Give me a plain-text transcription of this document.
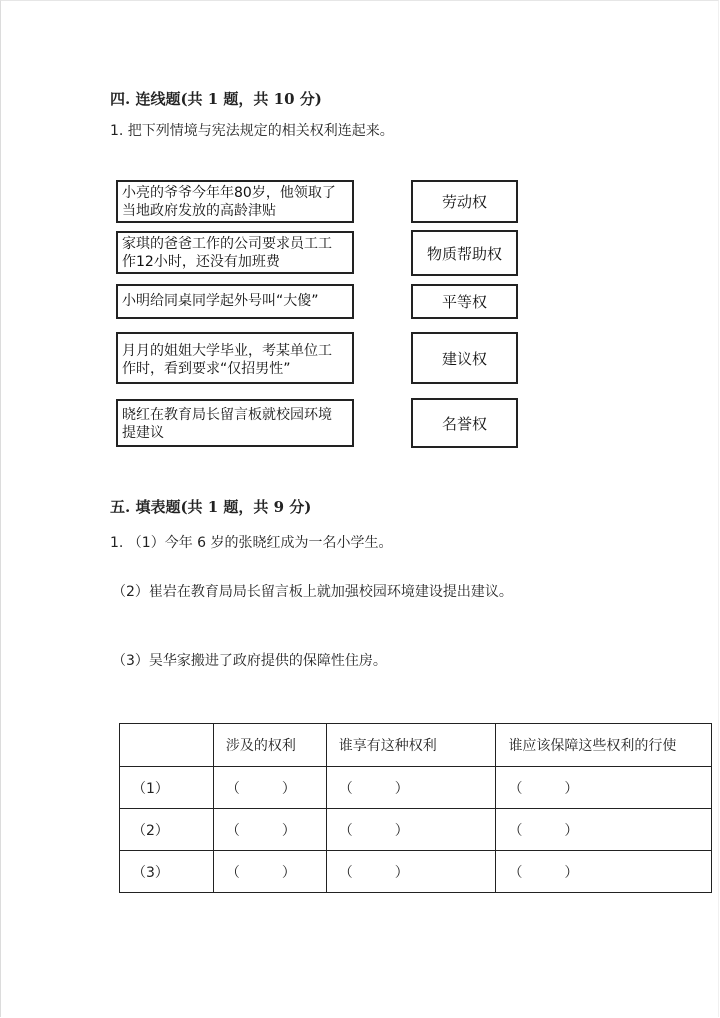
四. 连线题(共 1 题，共 10 分)
1. 把下列情境与宪法规定的相关权利连起来。
小亮的爷爷今年年80岁，他领取了
当地政府发放的高龄津贴
家琪的爸爸工作的公司要求员工工
作12小时，还没有加班费
小明给同桌同学起外号叫“大傻”
月月的姐姐大学毕业，考某单位工
作时，看到要求“仅招男性”
晓红在教育局长留言板就校园环境
提建议
劳动权
物质帮助权
平等权
建议权
名誉权
五. 填表题(共 1 题，共 9 分)
1. （1）今年 6 岁的张晓红成为一名小学生。
（2）崔岩在教育局局长留言板上就加强校园环境建设提出建议。
（3）吴华家搬进了政府提供的保障性住房。
	涉及的权利	谁享有这种权利	谁应该保障这些权利的行使
（1）	（　　　）	（　　　）	（　　　）
（2）	（　　　）	（　　　）	（　　　）
（3）	（　　　）	（　　　）	（　　　）
